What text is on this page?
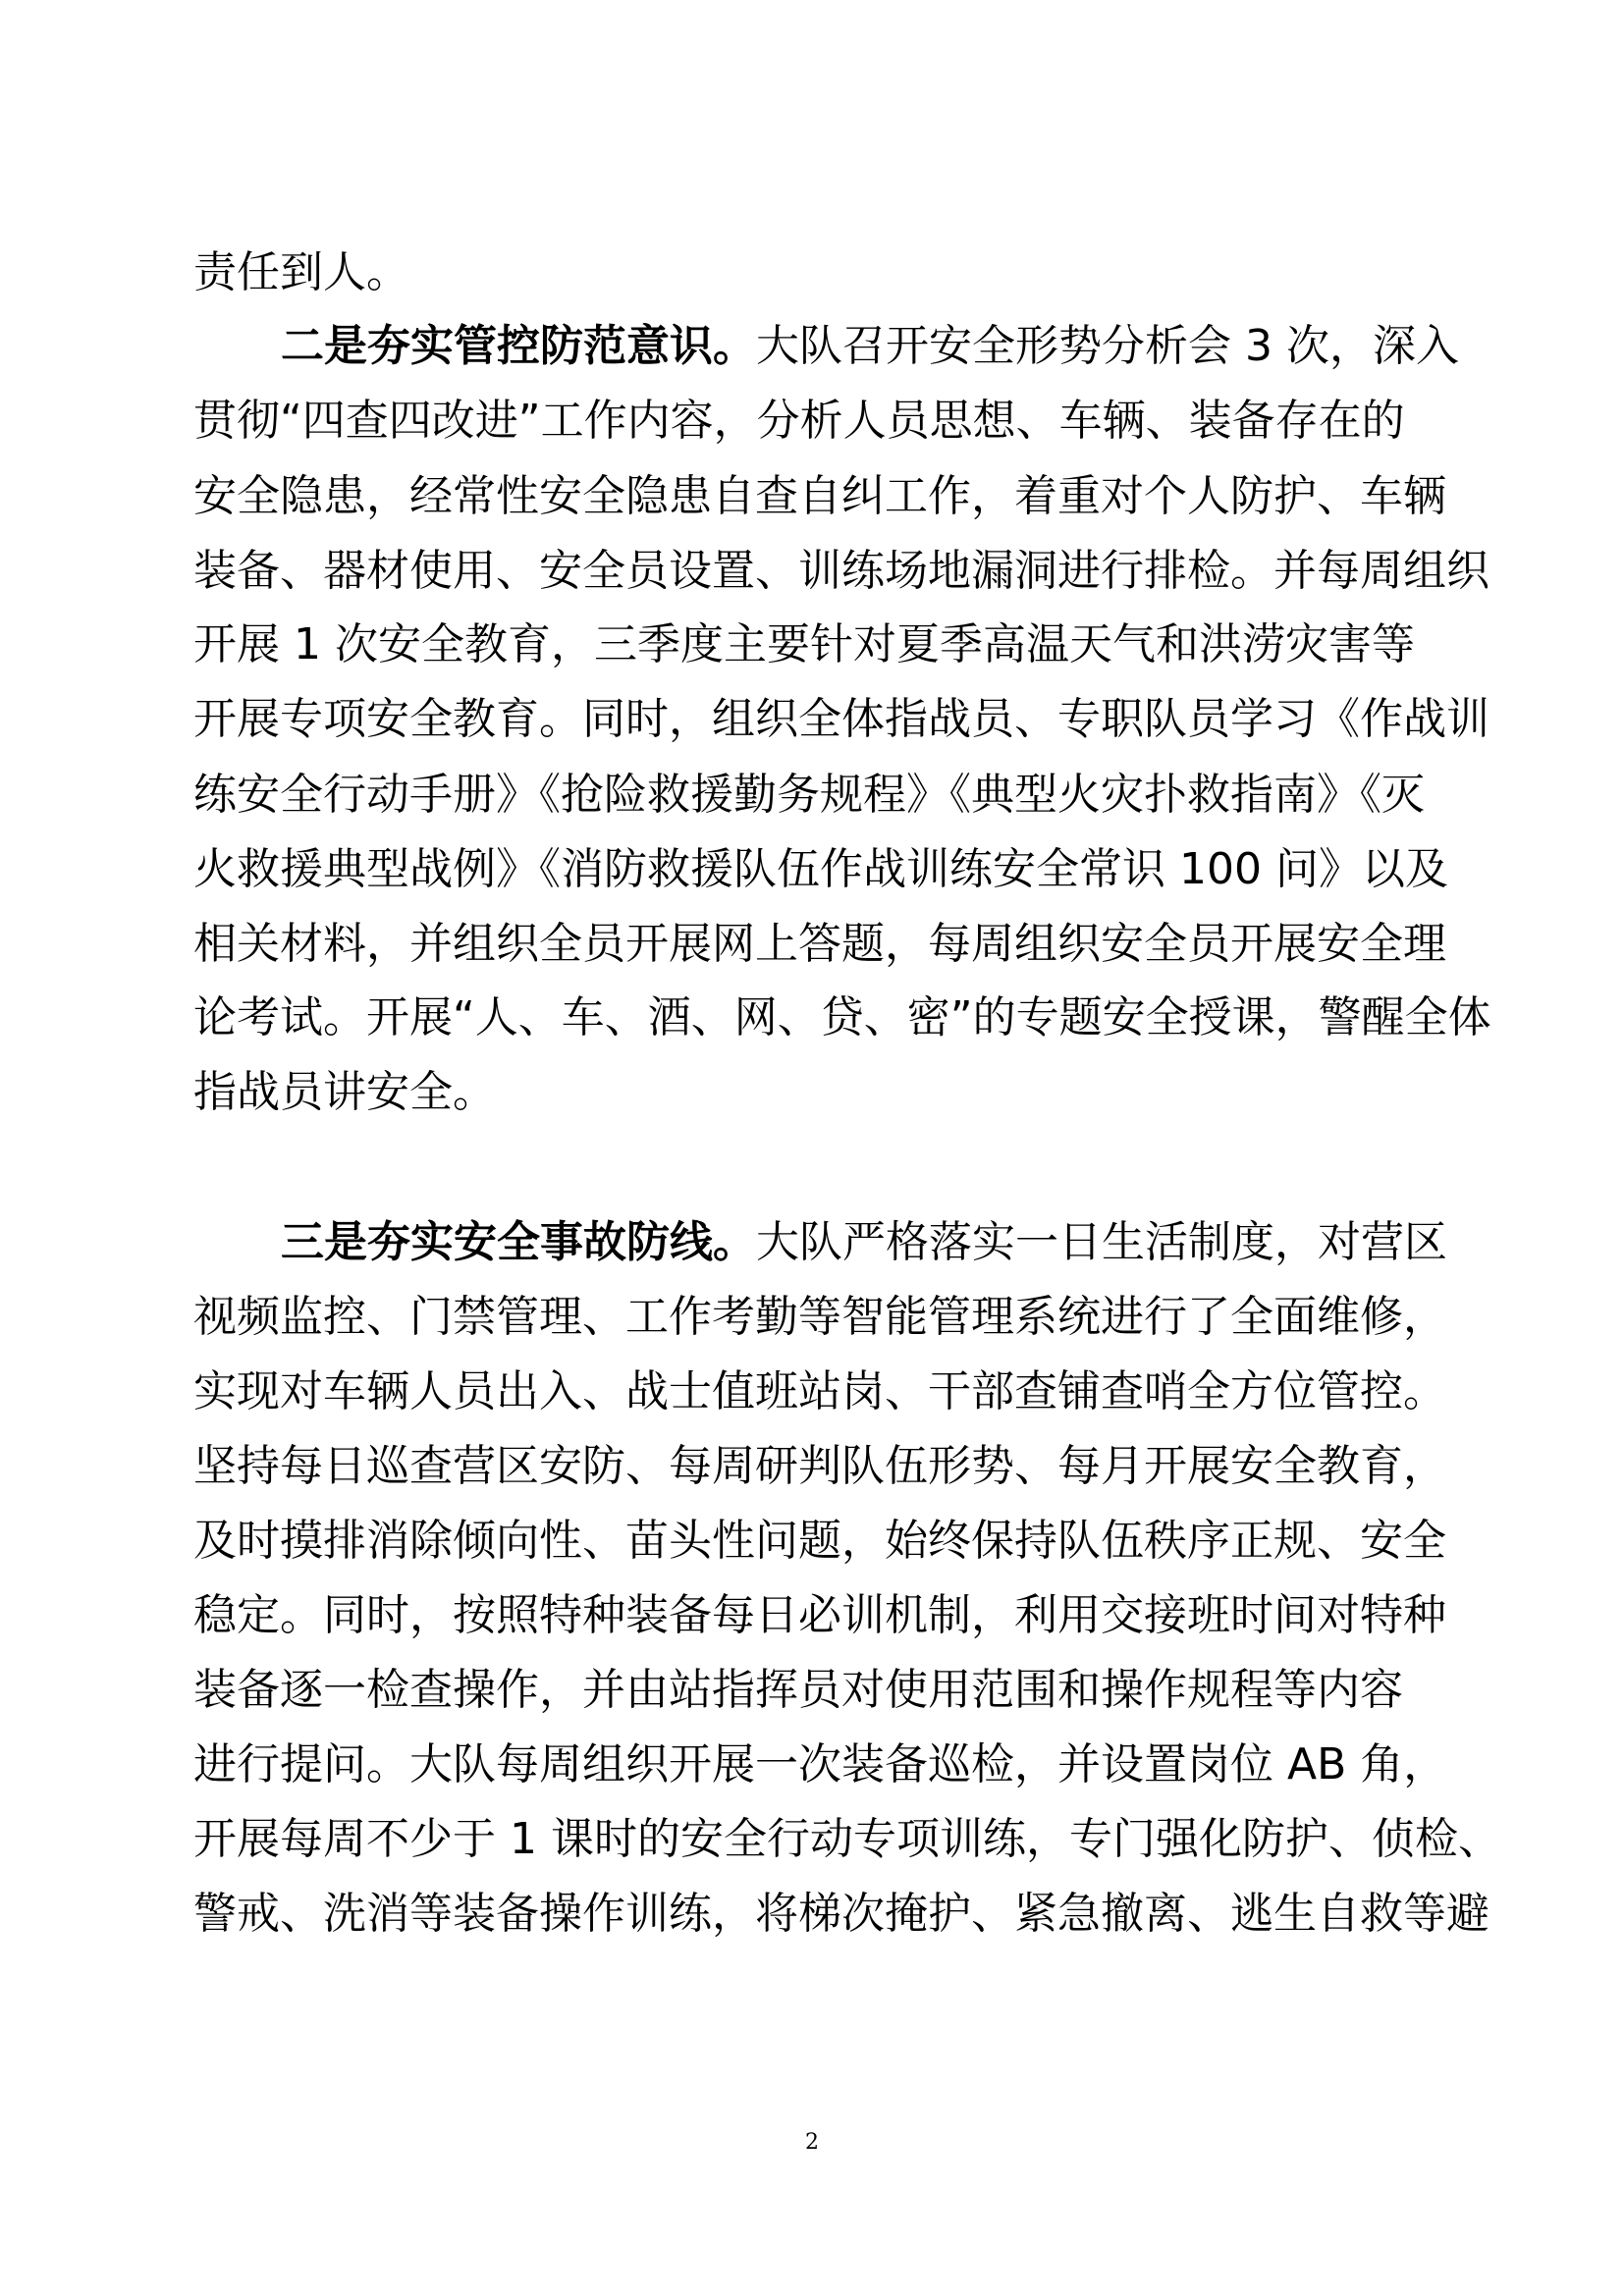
责任到人。
二是夯实管控防范意识。大队召开安全形势分析会 3 次，深入
贯彻“四查四改进”工作内容，分析人员思想、车辆、装备存在的
安全隐患，经常性安全隐患自查自纠工作，着重对个人防护、车辆
装备、器材使用、安全员设置、训练场地漏洞进行排检。并每周组织
开展 1 次安全教育，三季度主要针对夏季高温天气和洪涝灾害等
开展专项安全教育。同时，组织全体指战员、专职队员学习《作战训
练安全行动手册》《抢险救援勤务规程》《典型火灾扑救指南》《灭
火救援典型战例》《消防救援队伍作战训练安全常识 100 问》以及
相关材料，并组织全员开展网上答题，每周组织安全员开展安全理
论考试。开展“人、车、酒、网、贷、密”的专题安全授课，警醒全体
指战员讲安全。
三是夯实安全事故防线。大队严格落实一日生活制度，对营区
视频监控、门禁管理、工作考勤等智能管理系统进行了全面维修，
实现对车辆人员出入、战士值班站岗、干部查铺查哨全方位管控。
坚持每日巡查营区安防、每周研判队伍形势、每月开展安全教育，
及时摸排消除倾向性、苗头性问题，始终保持队伍秩序正规、安全
稳定。同时，按照特种装备每日必训机制，利用交接班时间对特种
装备逐一检查操作，并由站指挥员对使用范围和操作规程等内容
进行提问。大队每周组织开展一次装备巡检，并设置岗位 AB 角，
开展每周不少于 1 课时的安全行动专项训练，专门强化防护、侦检、
警戒、洗消等装备操作训练，将梯次掩护、紧急撤离、逃生自救等避
2
